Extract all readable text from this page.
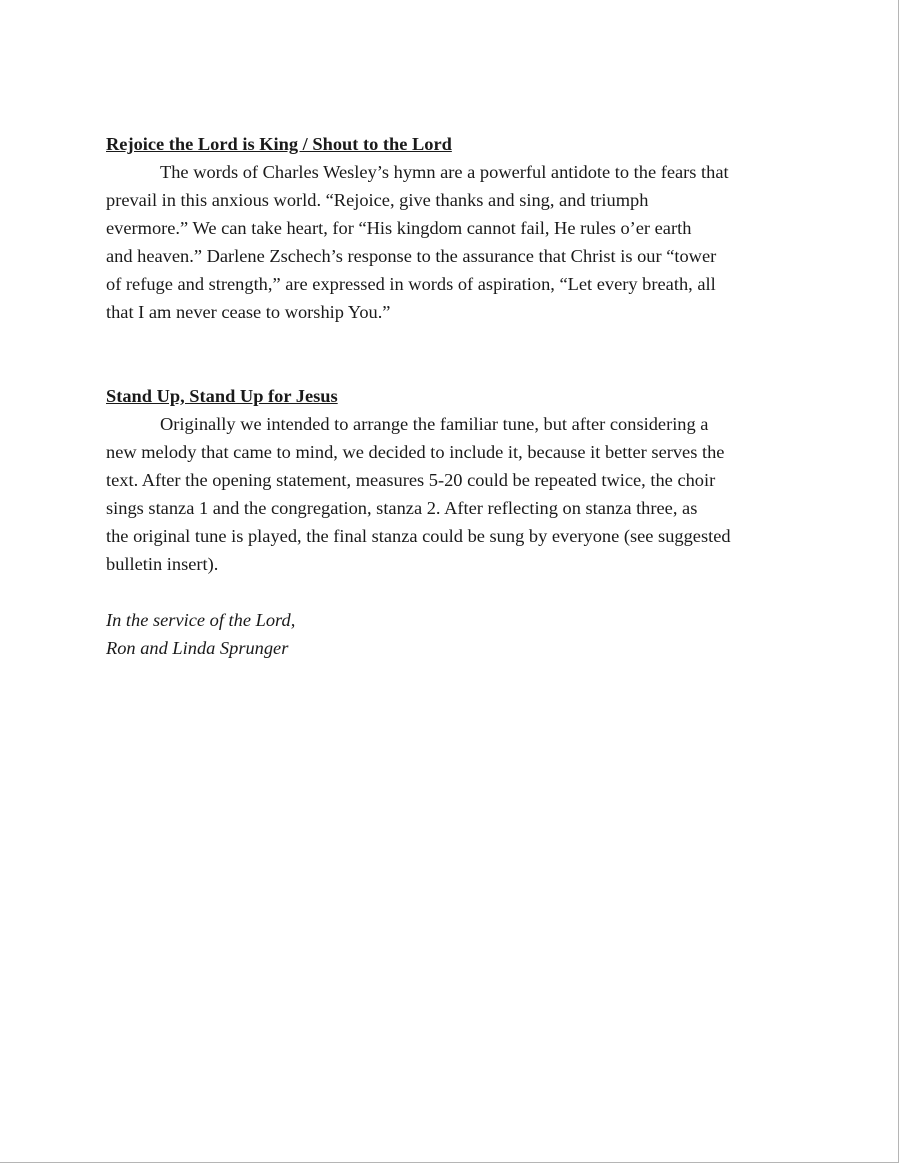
Rejoice the Lord is King / Shout to the Lord

The words of Charles Wesley’s hymn are a powerful antidote to the fears that
prevail in this anxious world. “Rejoice, give thanks and sing, and triumph
evermore.” We can take heart, for “His kingdom cannot fail, He rules o’er earth
and heaven.” Darlene Zschech’s response to the assurance that Christ is our “tower
of refuge and strength,” are expressed in words of aspiration, “Let every breath, all
that I am never cease to worship You.”

Stand Up, Stand Up for Jesus

Originally we intended to arrange the familiar tune, but after considering a
new melody that came to mind, we decided to include it, because it better serves the
text. After the opening statement, measures 5-20 could be repeated twice, the choir
sings stanza 1 and the congregation, stanza 2. After reflecting on stanza three, as
the original tune is played, the final stanza could be sung by everyone (see suggested
bulletin insert).

In the service of the Lord,
Ron and Linda Sprunger
